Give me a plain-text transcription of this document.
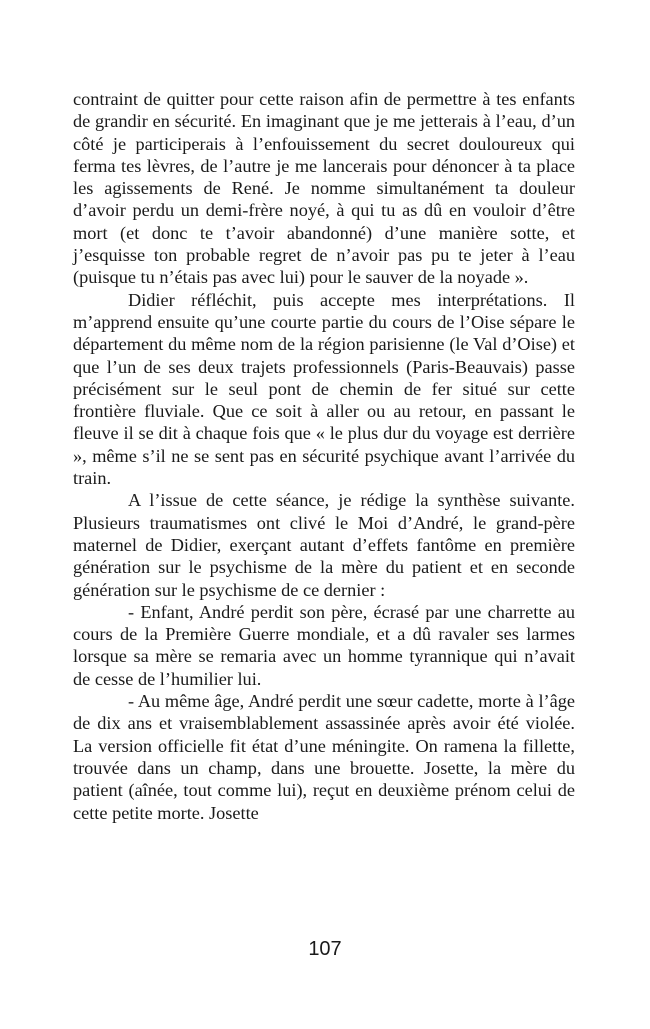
contraint de quitter pour cette raison afin de permettre à tes enfants de grandir en sécurité. En imaginant que je me jetterais à l’eau, d’un côté je participerais à l’enfouissement du secret douloureux qui ferma tes lèvres, de l’autre je me lancerais pour dénoncer à ta place les agissements de René. Je nomme simultanément ta douleur d’avoir perdu un demi-frère noyé, à qui tu as dû en vouloir d’être mort (et donc te t’avoir abandonné) d’une manière sotte, et j’esquisse ton probable regret de n’avoir pas pu te jeter à l’eau (puisque tu n’étais pas avec lui) pour le sauver de la noyade ».

Didier réfléchit, puis accepte mes interprétations. Il m’apprend ensuite qu’une courte partie du cours de l’Oise sépare le département du même nom de la région parisienne (le Val d’Oise) et que l’un de ses deux trajets professionnels (Paris-Beauvais) passe précisément sur le seul pont de chemin de fer situé sur cette frontière fluviale. Que ce soit à aller ou au retour, en passant le fleuve il se dit à chaque fois que « le plus dur du voyage est derrière », même s’il ne se sent pas en sécurité psychique avant l’arrivée du train.

A l’issue de cette séance, je rédige la synthèse suivante. Plusieurs traumatismes ont clivé le Moi d’André, le grand-père maternel de Didier, exerçant autant d’effets fantôme en première génération sur le psychisme de la mère du patient et en seconde génération sur le psychisme de ce dernier :

- Enfant, André perdit son père, écrasé par une charrette au cours de la Première Guerre mondiale, et a dû ravaler ses larmes lorsque sa mère se remaria avec un homme tyrannique qui n’avait de cesse de l’humilier lui.

- Au même âge, André perdit une sœur cadette, morte à l’âge de dix ans et vraisemblablement assassinée après avoir été violée. La version officielle fit état d’une méningite. On ramena la fillette, trouvée dans un champ, dans une brouette. Josette, la mère du patient (aînée, tout comme lui), reçut en deuxième prénom celui de cette petite morte. Josette

107
